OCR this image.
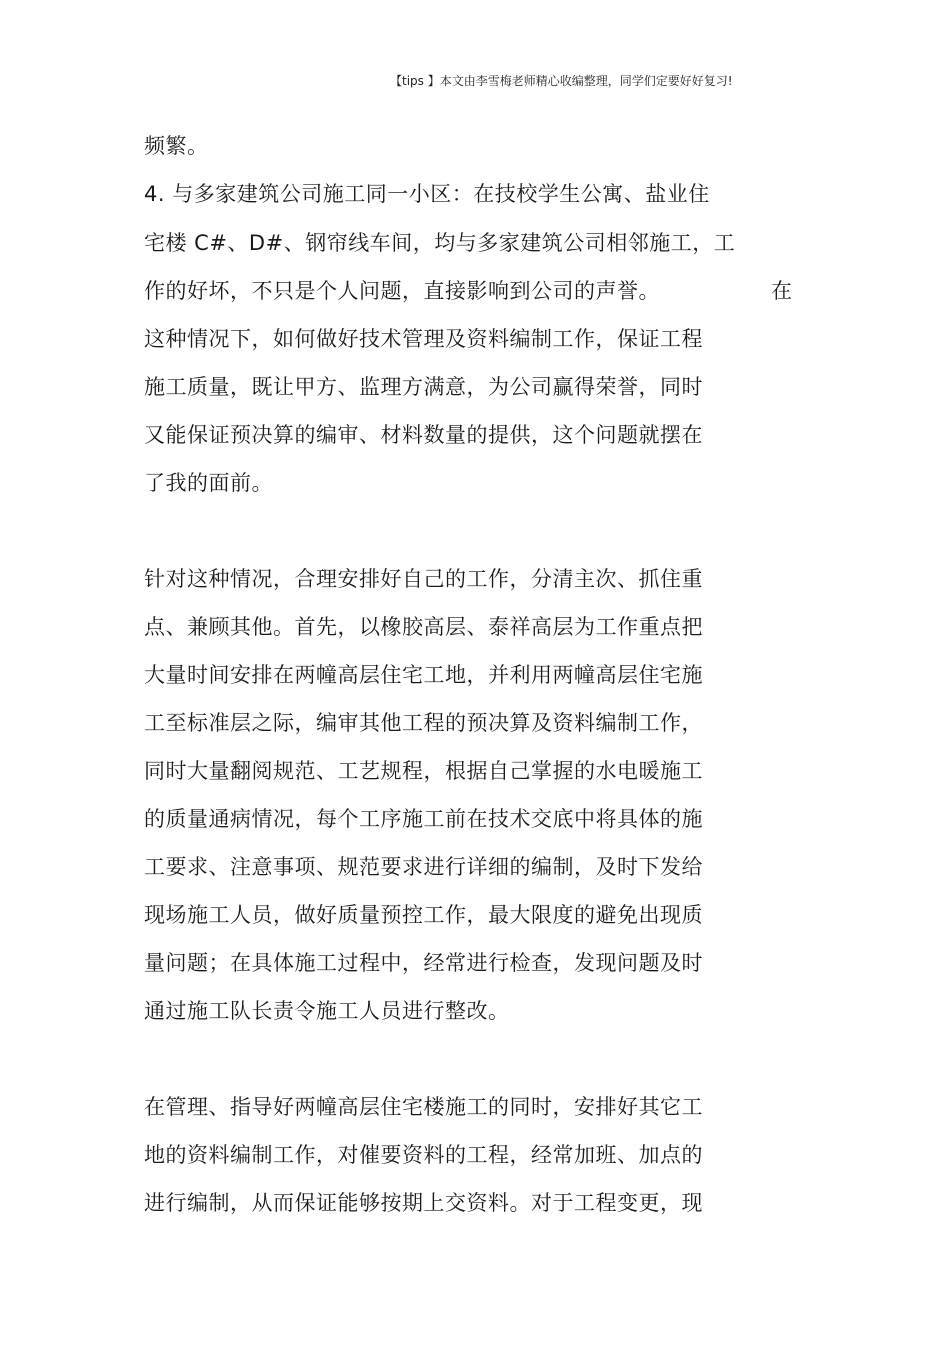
【tips 】本文由李雪梅老师精心收编整理，同学们定要好好复习!
频繁。
4. 与多家建筑公司施工同一小区：在技校学生公寓、盐业住
宅楼 C#、D#、钢帘线车间，均与多家建筑公司相邻施工，工
作的好坏，不只是个人问题，直接影响到公司的声誉。	在
这种情况下，如何做好技术管理及资料编制工作，保证工程
施工质量，既让甲方、监理方满意，为公司赢得荣誉，同时
又能保证预决算的编审、材料数量的提供，这个问题就摆在
了我的面前。
针对这种情况，合理安排好自己的工作，分清主次、抓住重
点、兼顾其他。首先，以橡胶高层、泰祥高层为工作重点把
大量时间安排在两幢高层住宅工地，并利用两幢高层住宅施
工至标准层之际，编审其他工程的预决算及资料编制工作，
同时大量翻阅规范、工艺规程，根据自己掌握的水电暖施工
的质量通病情况，每个工序施工前在技术交底中将具体的施
工要求、注意事项、规范要求进行详细的编制，及时下发给
现场施工人员，做好质量预控工作，最大限度的避免出现质
量问题；在具体施工过程中，经常进行检查，发现问题及时
通过施工队长责令施工人员进行整改。
在管理、指导好两幢高层住宅楼施工的同时，安排好其它工
地的资料编制工作，对催要资料的工程，经常加班、加点的
进行编制，从而保证能够按期上交资料。对于工程变更，现
